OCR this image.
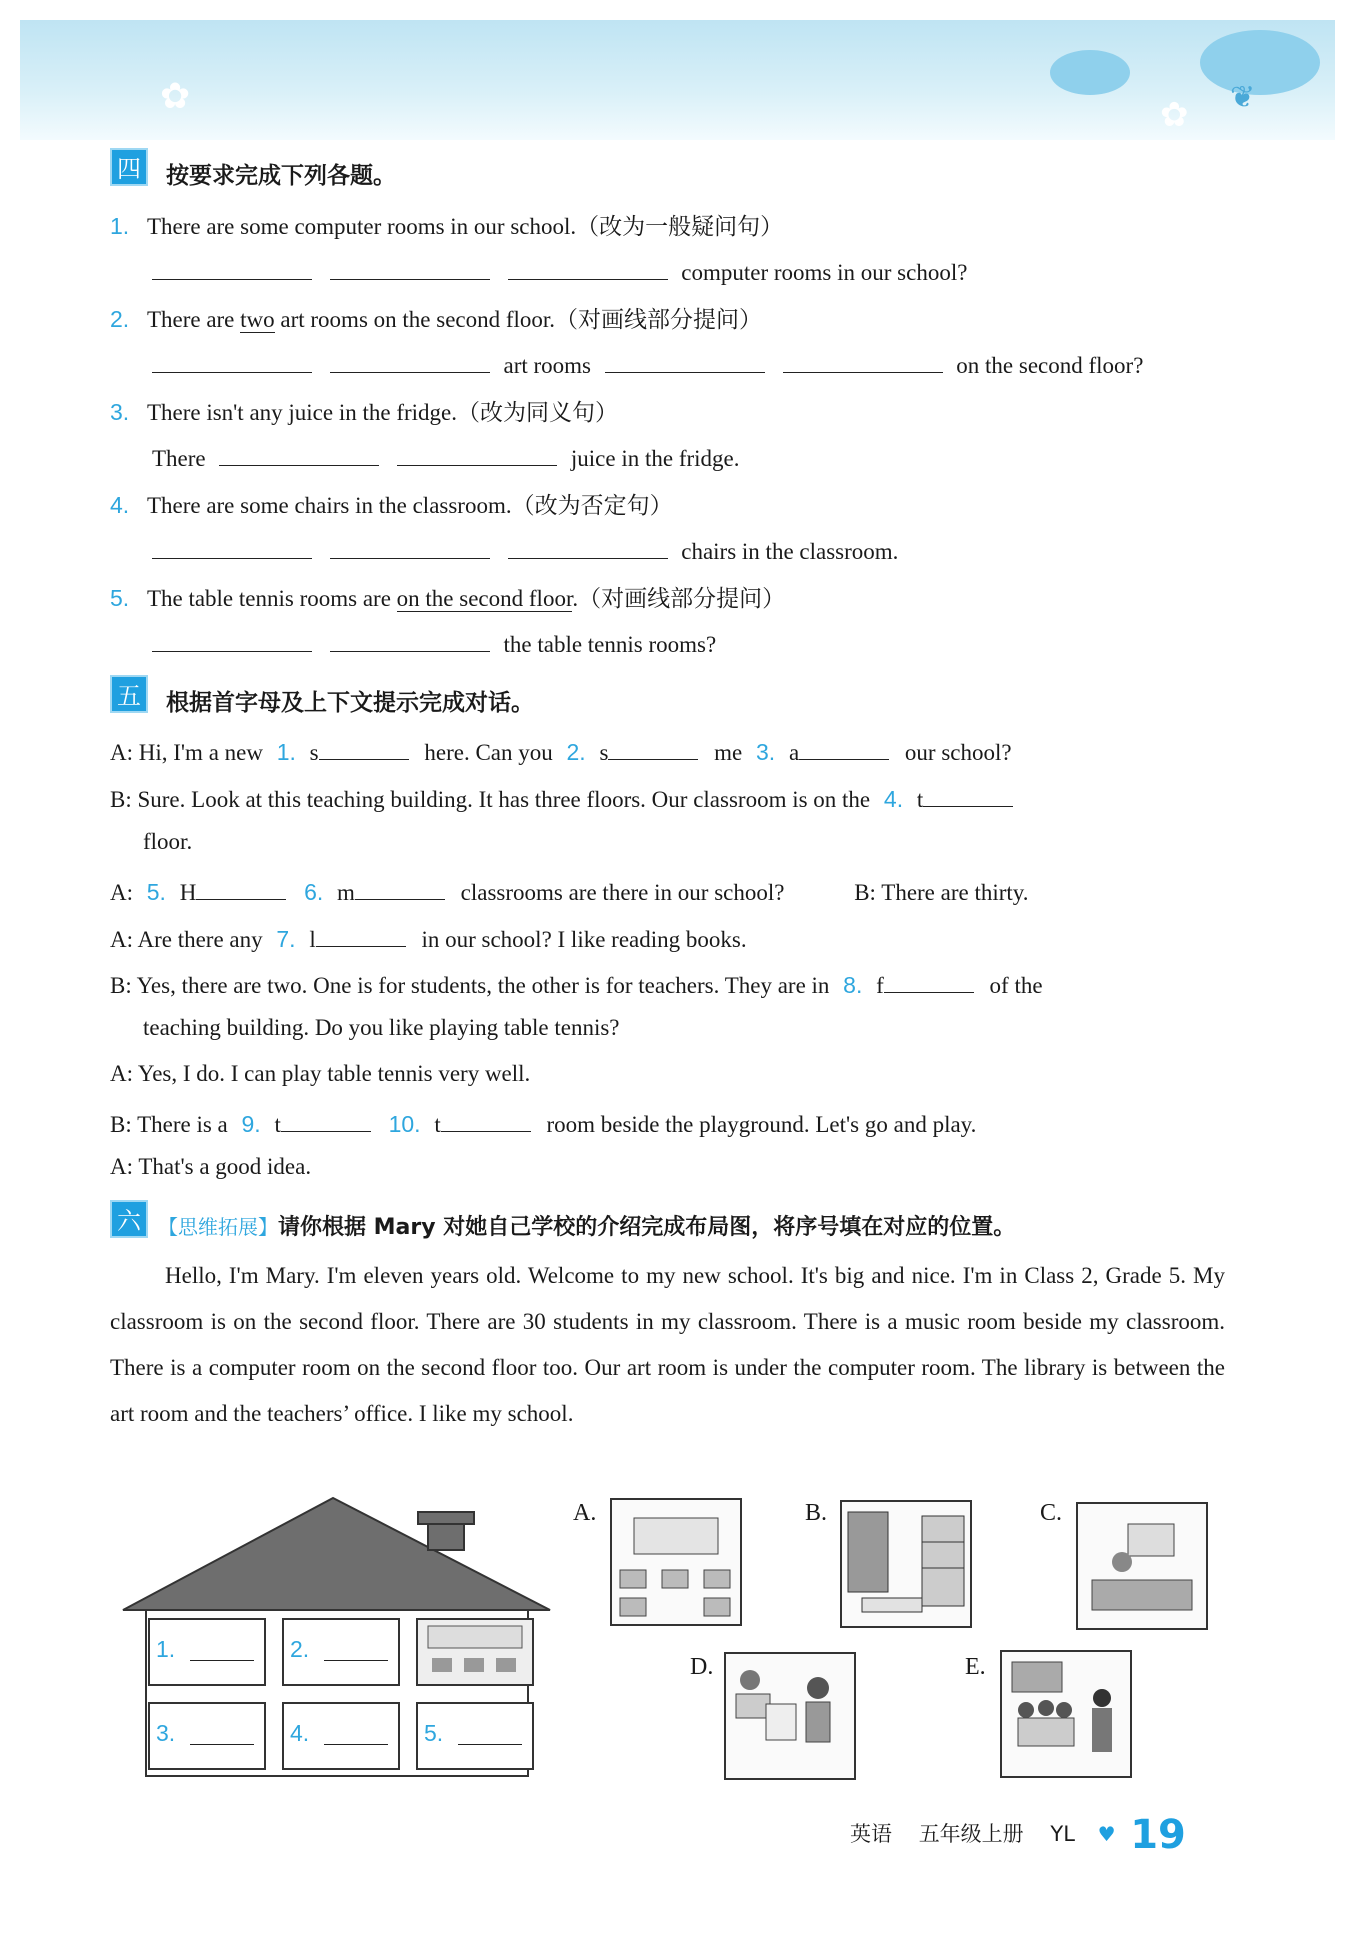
✿	✿ ❦
四 按要求完成下列各题。
1. There are some computer rooms in our school.（改为一般疑问句）
computer rooms in our school?
2. There are two art rooms on the second floor.（对画线部分提问）
art rooms	on the second floor?
3. There isn't any juice in the fridge.（改为同义句）
There	juice in the fridge.
4. There are some chairs in the classroom.（改为否定句）
chairs in the classroom.
5. The table tennis rooms are on the second floor.（对画线部分提问）
the table tennis rooms?
五 根据首字母及上下文提示完成对话。
A: Hi, I'm a new 1. s	here. Can you 2. s	me 3. a	our school?
B: Sure. Look at this teaching building. It has three floors. Our classroom is on the 4. t
floor.
A: 5. H	6. m	classrooms are there in our school?	B: There are thirty.
A: Are there any 7. l	in our school? I like reading books.
B: Yes, there are two. One is for students, the other is for teachers. They are in 8. f	of the
teaching building. Do you like playing table tennis?
A: Yes, I do. I can play table tennis very well.
B: There is a 9. t	10. t	room beside the playground. Let's go and play.
A: That's a good idea.
六 【思维拓展】请你根据 Mary 对她自己学校的介绍完成布局图，将序号填在对应的位置。
Hello, I'm Mary. I'm eleven years old. Welcome to my new school. It's big and nice. I'm in Class 2, Grade 5. My classroom is on the second floor. There are 30 students in my classroom. There is a music room beside my classroom. There is a computer room on the second floor too. Our art room is under the computer room. The library is between the art room and the teachers’ office. I like my school.
1.	2.
3.	4.	5.
A.	B.	C.
D.	E.
英语 五年级上册 YL ♥ 19
